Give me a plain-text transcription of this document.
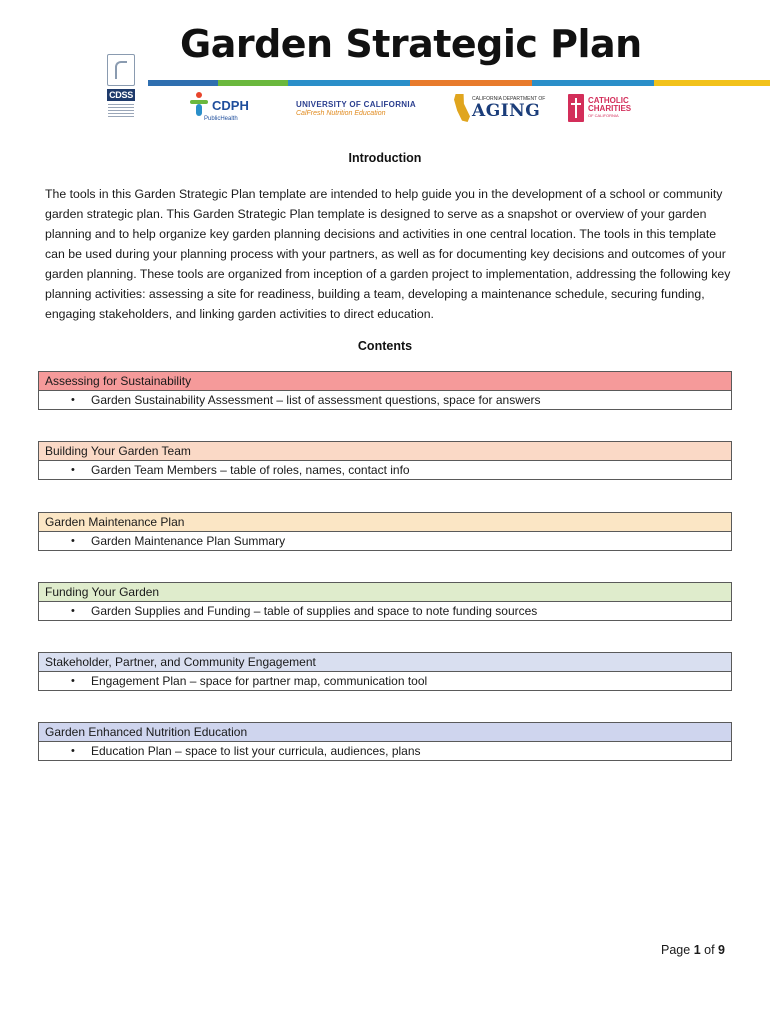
Garden Strategic Plan
CDSS
CDPH
PublicHealth
UNIVERSITY OF CALIFORNIA
CalFresh Nutrition Education
CALIFORNIA DEPARTMENT OF
AGING
CATHOLIC
CHARITIES
OF CALIFORNIA
Introduction

The tools in this Garden Strategic Plan template are intended to help guide you in the development of a school or community garden strategic plan. This Garden Strategic Plan template is designed to serve as a snapshot or overview of your garden planning and to help organize key garden planning decisions and activities in one central location. The tools in this template can be used during your planning process with your partners, as well as for documenting key decisions and outcomes of your garden planning. These tools are organized from inception of a garden project to implementation, addressing the following key planning activities: assessing a site for readiness, building a team, developing a maintenance schedule, securing funding, engaging stakeholders, and linking garden activities to direct education.

Contents
Assessing for Sustainability
• Garden Sustainability Assessment – list of assessment questions, space for answers
Building Your Garden Team
• Garden Team Members – table of roles, names, contact info
Garden Maintenance Plan
• Garden Maintenance Plan Summary
Funding Your Garden
• Garden Supplies and Funding – table of supplies and space to note funding sources
Stakeholder, Partner, and Community Engagement
• Engagement Plan – space for partner map, communication tool
Garden Enhanced Nutrition Education
• Education Plan – space to list your curricula, audiences, plans
Page 1 of 9
